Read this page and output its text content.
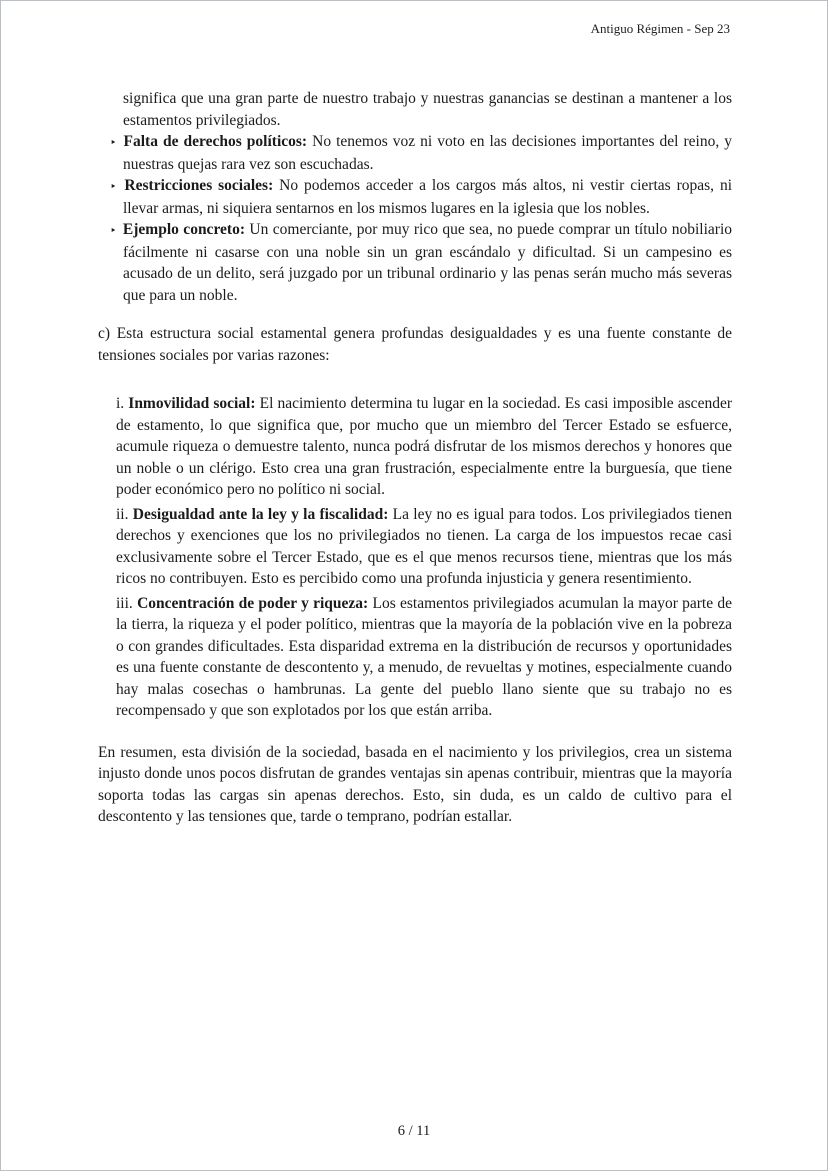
Antiguo Régimen - Sep 23

significa que una gran parte de nuestro trabajo y nuestras ganancias se destinan a mantener a los estamentos privilegiados.

‣ Falta de derechos políticos: No tenemos voz ni voto en las decisiones importantes del reino, y nuestras quejas rara vez son escuchadas.

‣ Restricciones sociales: No podemos acceder a los cargos más altos, ni vestir ciertas ropas, ni llevar armas, ni siquiera sentarnos en los mismos lugares en la iglesia que los nobles.

‣ Ejemplo concreto: Un comerciante, por muy rico que sea, no puede comprar un título nobiliario fácilmente ni casarse con una noble sin un gran escándalo y dificultad. Si un campesino es acusado de un delito, será juzgado por un tribunal ordinario y las penas serán mucho más severas que para un noble.

c) Esta estructura social estamental genera profundas desigualdades y es una fuente constante de tensiones sociales por varias razones:

i. Inmovilidad social: El nacimiento determina tu lugar en la sociedad. Es casi imposible ascender de estamento, lo que significa que, por mucho que un miembro del Tercer Estado se esfuerce, acumule riqueza o demuestre talento, nunca podrá disfrutar de los mismos derechos y honores que un noble o un clérigo. Esto crea una gran frustración, especialmente entre la burguesía, que tiene poder económico pero no político ni social.

ii. Desigualdad ante la ley y la fiscalidad: La ley no es igual para todos. Los privilegiados tienen derechos y exenciones que los no privilegiados no tienen. La carga de los impuestos recae casi exclusivamente sobre el Tercer Estado, que es el que menos recursos tiene, mientras que los más ricos no contribuyen. Esto es percibido como una profunda injusticia y genera resentimiento.

iii. Concentración de poder y riqueza: Los estamentos privilegiados acumulan la mayor parte de la tierra, la riqueza y el poder político, mientras que la mayoría de la población vive en la pobreza o con grandes dificultades. Esta disparidad extrema en la distribución de recursos y oportunidades es una fuente constante de descontento y, a menudo, de revueltas y motines, especialmente cuando hay malas cosechas o hambrunas. La gente del pueblo llano siente que su trabajo no es recompensado y que son explotados por los que están arriba.

En resumen, esta división de la sociedad, basada en el nacimiento y los privilegios, crea un sistema injusto donde unos pocos disfrutan de grandes ventajas sin apenas contribuir, mientras que la mayoría soporta todas las cargas sin apenas derechos. Esto, sin duda, es un caldo de cultivo para el descontento y las tensiones que, tarde o temprano, podrían estallar.

6 / 11
